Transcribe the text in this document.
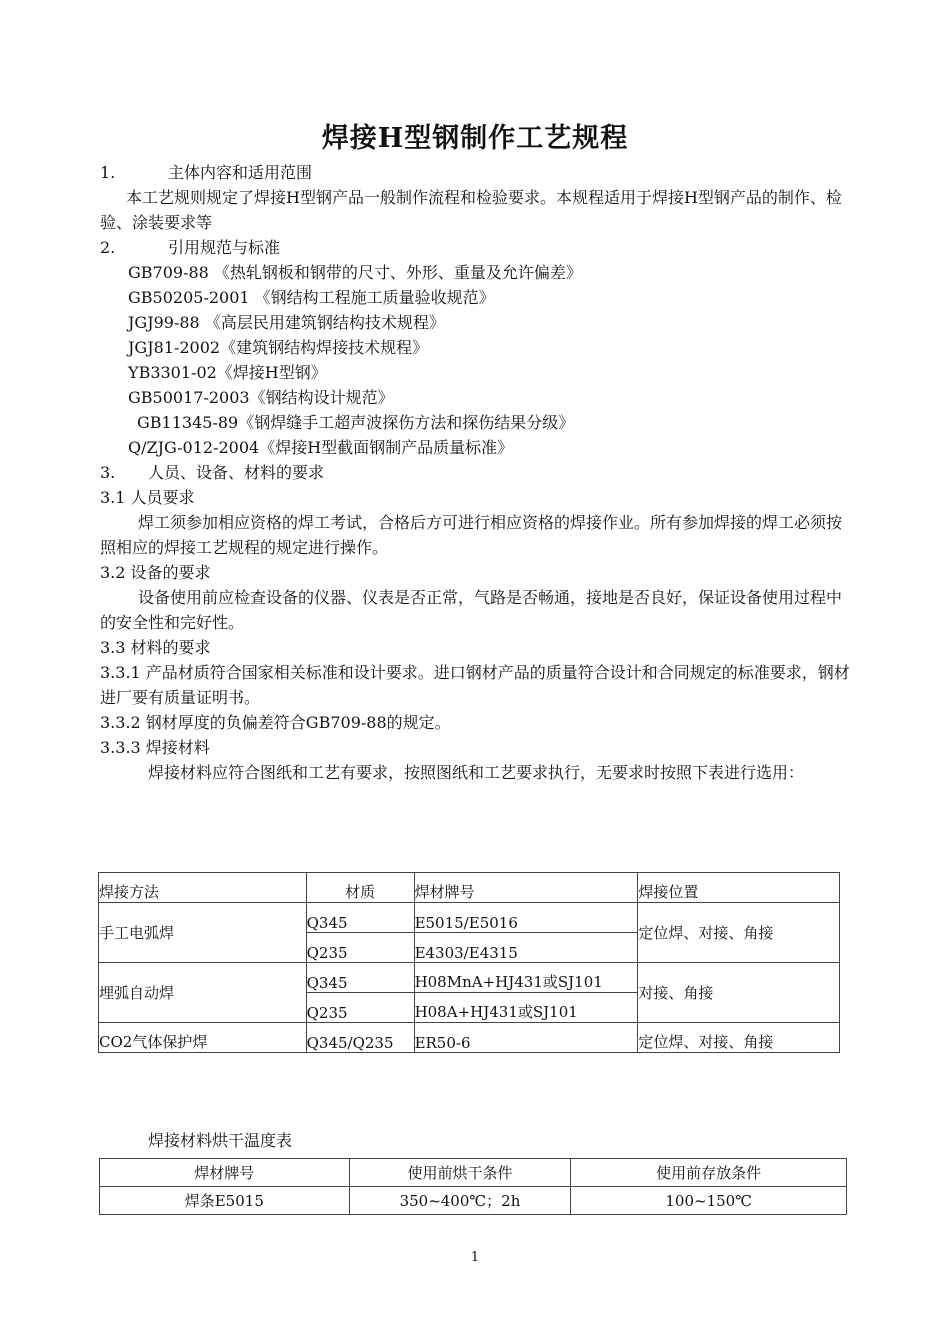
焊接H型钢制作工艺规程
1.	主体内容和适用范围
本工艺规则规定了焊接H型钢产品一般制作流程和检验要求。本规程适用于焊接H型钢产品的制作、检验、涂装要求等
2.	引用规范与标准
GB709-88 《热轧钢板和钢带的尺寸、外形、重量及允许偏差》
GB50205-2001 《钢结构工程施工质量验收规范》
JGJ99-88 《高层民用建筑钢结构技术规程》
JGJ81-2002《建筑钢结构焊接技术规程》
YB3301-02《焊接H型钢》
GB50017-2003《钢结构设计规范》
GB11345-89《钢焊缝手工超声波探伤方法和探伤结果分级》
Q/ZJG-012-2004《焊接H型截面钢制产品质量标准》
3. 人员、设备、材料的要求
3.1 人员要求
焊工须参加相应资格的焊工考试，合格后方可进行相应资格的焊接作业。所有参加焊接的焊工必须按照相应的焊接工艺规程的规定进行操作。
3.2 设备的要求
设备使用前应检查设备的仪器、仪表是否正常，气路是否畅通，接地是否良好，保证设备使用过程中的安全性和完好性。
3.3 材料的要求
3.3.1 产品材质符合国家相关标准和设计要求。进口钢材产品的质量符合设计和合同规定的标准要求，钢材进厂要有质量证明书。
3.3.2 钢材厚度的负偏差符合GB709-88的规定。
3.3.3 焊接材料
焊接材料应符合图纸和工艺有要求，按照图纸和工艺要求执行，无要求时按照下表进行选用：
焊接方法	材质	焊材牌号	焊接位置
手工电弧焊	Q345	E5015/E5016	定位焊、对接、角接
	Q235	E4303/E4315	
埋弧自动焊	Q345	H08MnA+HJ431或SJ101	对接、角接
	Q235	H08A+HJ431或SJ101	
CO2气体保护焊	Q345/Q235	ER50-6	定位焊、对接、角接
焊接材料烘干温度表
焊材牌号	使用前烘干条件	使用前存放条件
焊条E5015	350~400℃；2h	100~150℃
1
